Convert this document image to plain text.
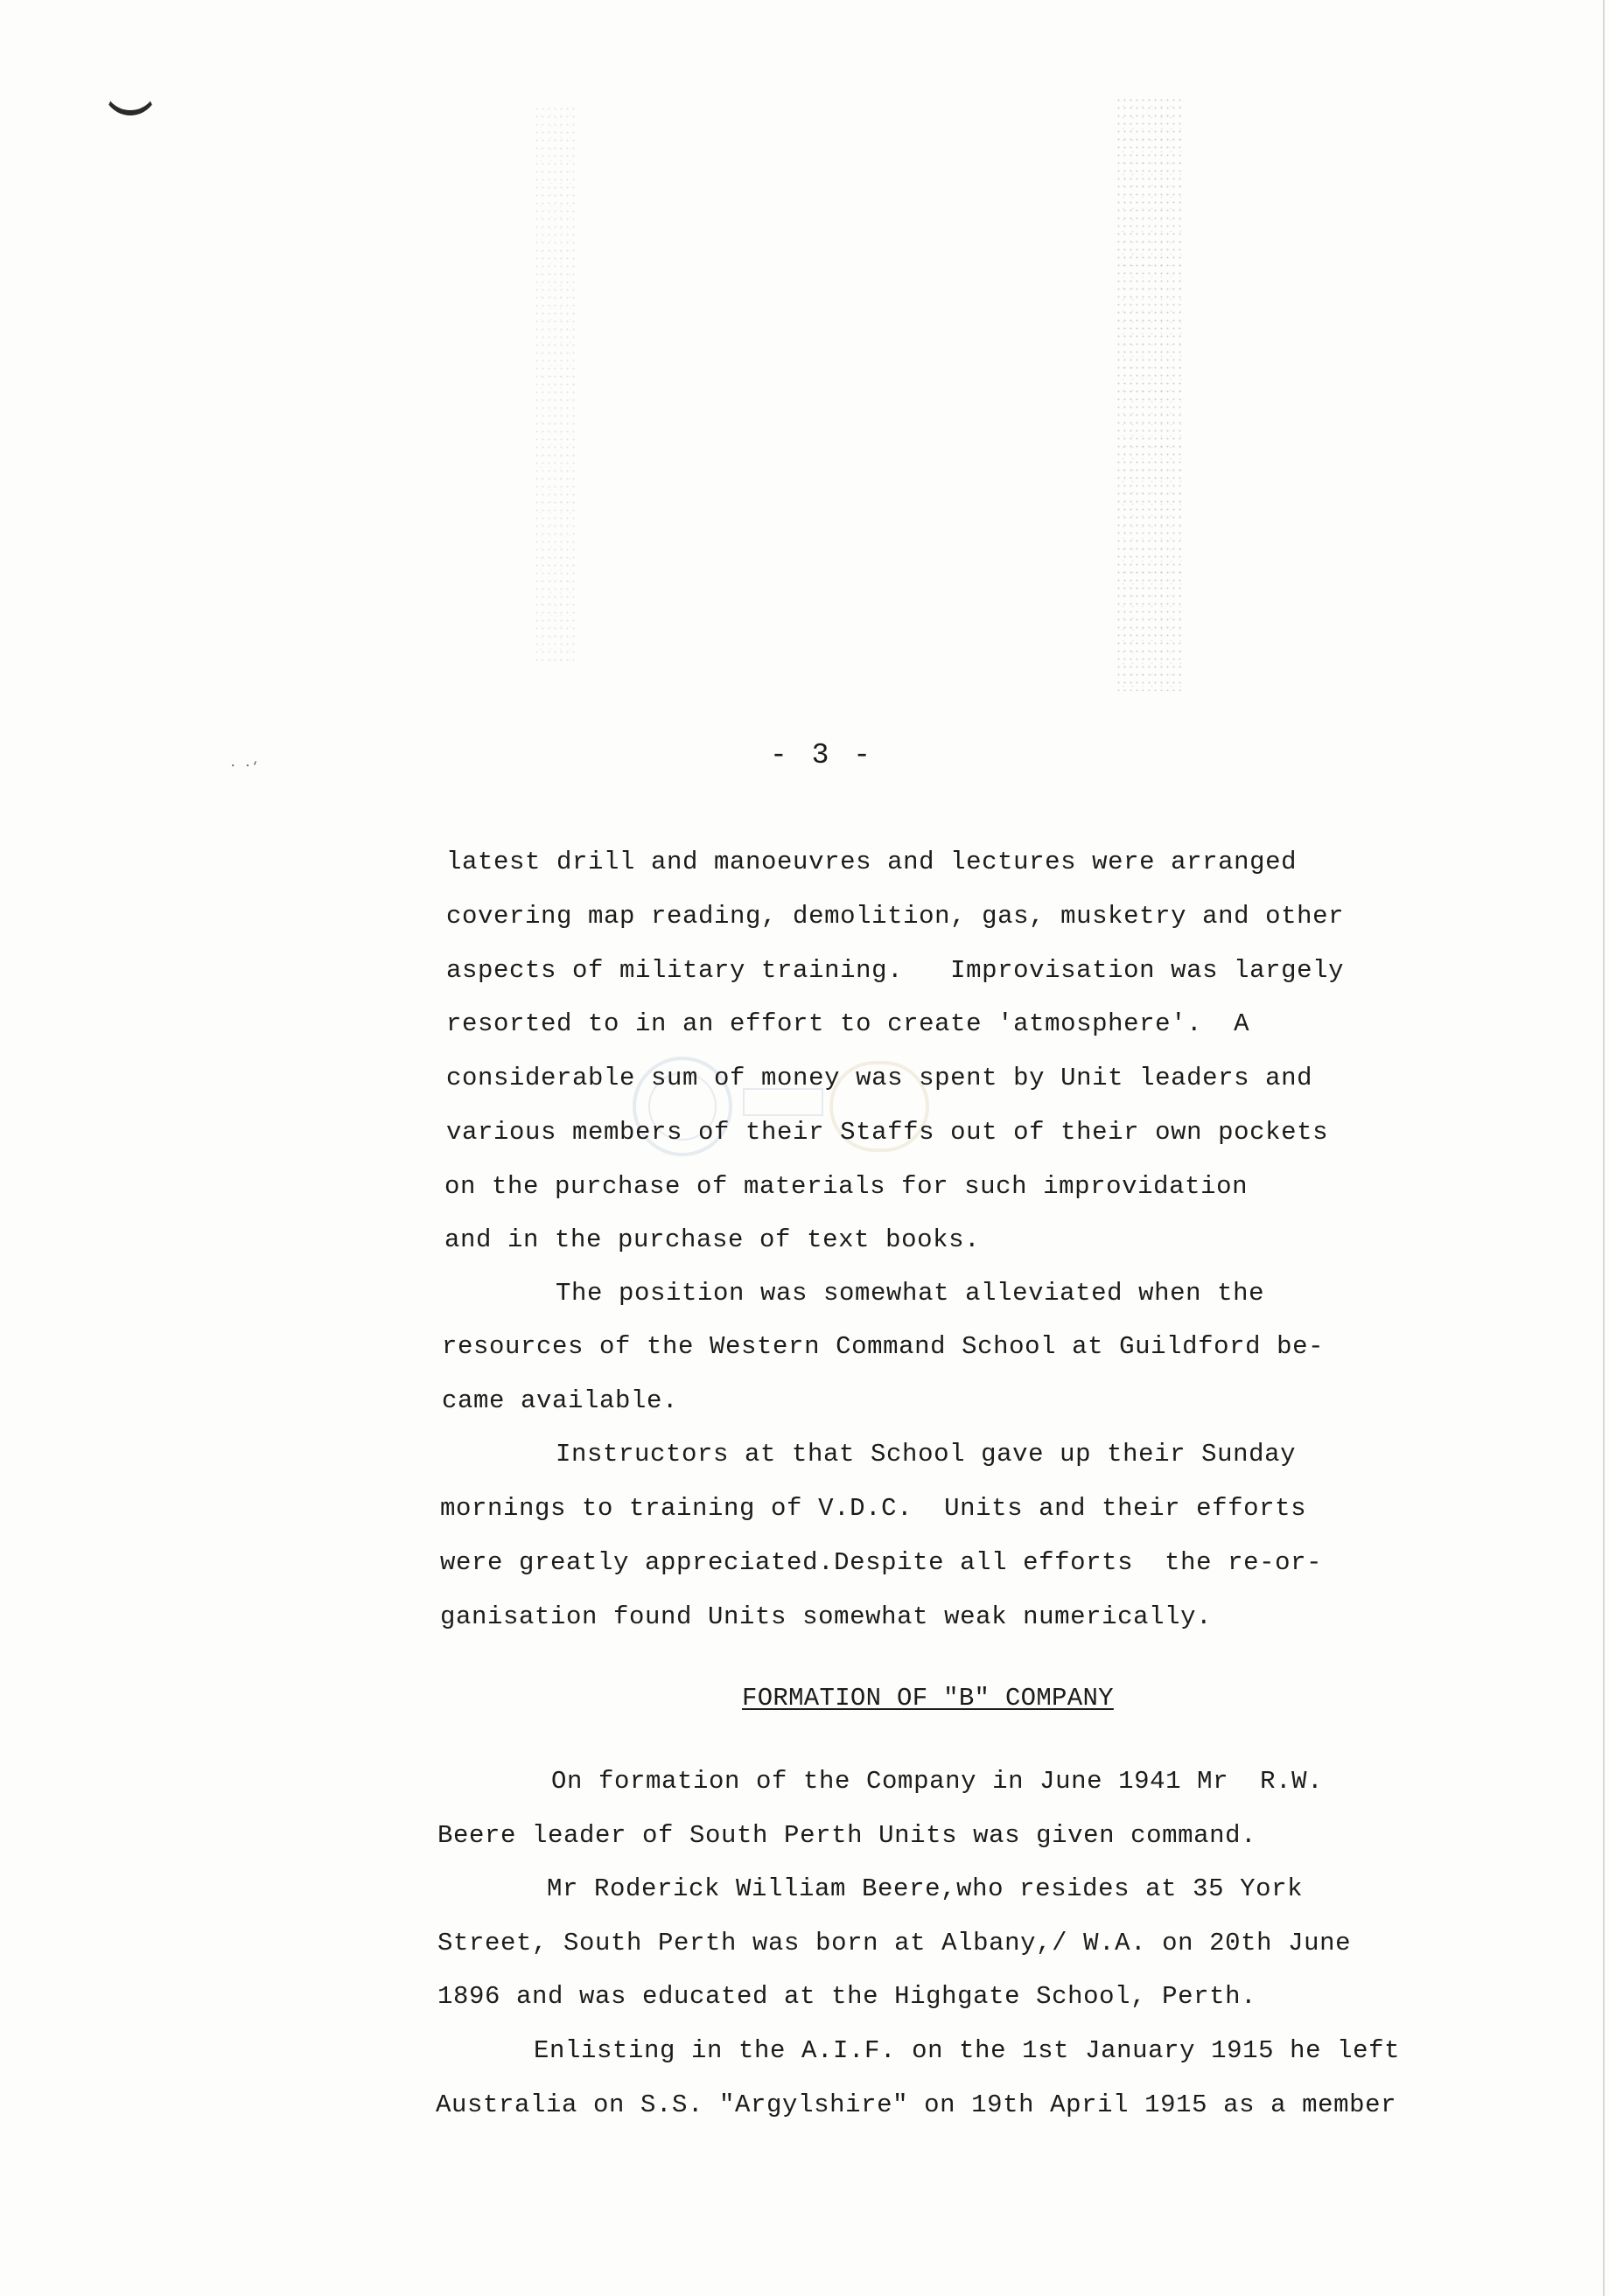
⋅ ⋅‘	- 3 -
latest drill and manoeuvres and lectures were arranged
covering map reading, demolition, gas, musketry and other
aspects of military training.   Improvisation was largely
resorted to in an effort to create 'atmosphere'.  A
considerable sum of money was spent by Unit leaders and
various members of their Staffs out of their own pockets
on the purchase of materials for such improvidation
and in the purchase of text books.
The position was somewhat alleviated when the
resources of the Western Command School at Guildford be-
came available.
Instructors at that School gave up their Sunday
mornings to training of V.D.C.  Units and their efforts
were greatly appreciated.Despite all efforts  the re-or-
ganisation found Units somewhat weak numerically.
FORMATION OF "B" COMPANY
On formation of the Company in June 1941 Mr  R.W.
Beere leader of South Perth Units was given command.
Mr Roderick William Beere,who resides at 35 York
Street, South Perth was born at Albany,/ W.A. on 20th June
1896 and was educated at the Highgate School, Perth.
Enlisting in the A.I.F. on the 1st January 1915 he left
Australia on S.S. "Argylshire" on 19th April 1915 as a member
